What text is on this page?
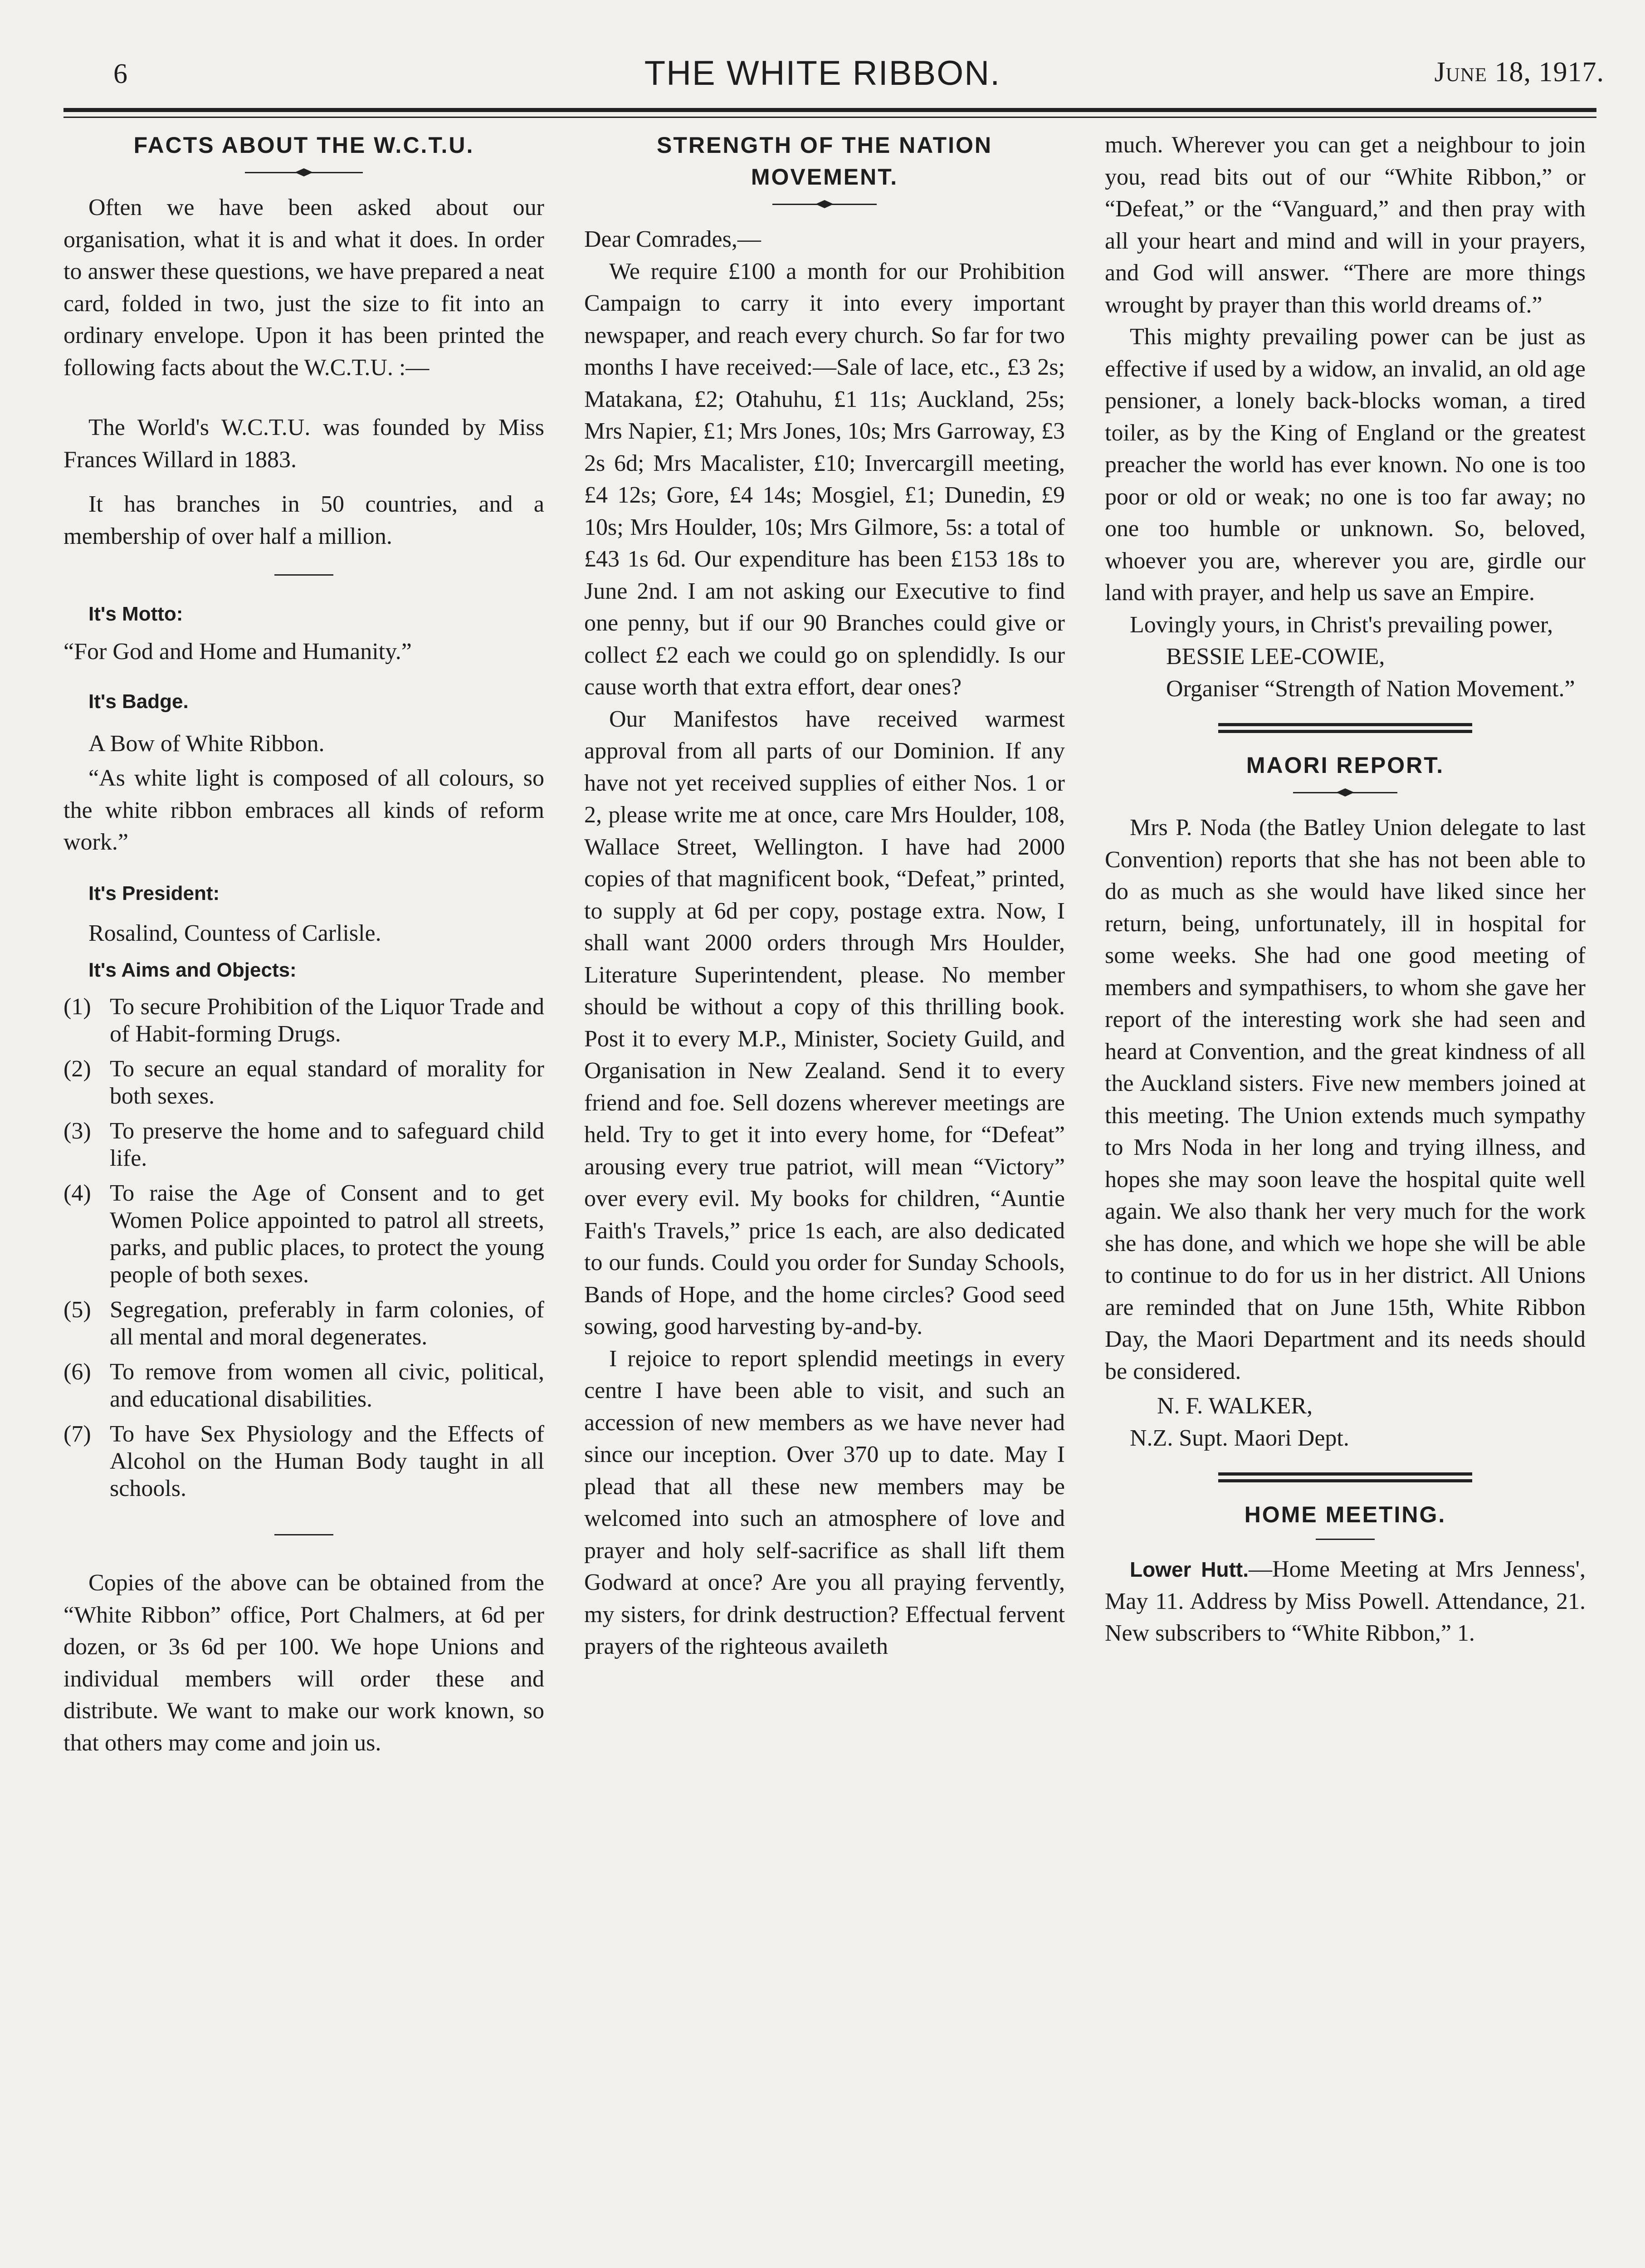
6	THE WHITE RIBBON.	June 18, 1917.
FACTS ABOUT THE W.C.T.U.

Often we have been asked about our organisation, what it is and what it does. In order to answer these questions, we have prepared a neat card, folded in two, just the size to fit into an ordinary envelope. Upon it has been printed the following facts about the W.C.T.U. :—

The World's W.C.T.U. was founded by Miss Frances Willard in 1883.

It has branches in 50 countries, and a membership of over half a million.

It's Motto:

“For God and Home and Humanity.”

It's Badge.

A Bow of White Ribbon.

“As white light is composed of all colours, so the white ribbon embraces all kinds of reform work.”

It's President:

Rosalind, Countess of Carlisle.

It's Aims and Objects:

(1) To secure Prohibition of the Liquor Trade and of Habit-forming Drugs.
(2) To secure an equal standard of morality for both sexes.
(3) To preserve the home and to safeguard child life.
(4) To raise the Age of Consent and to get Women Police appointed to patrol all streets, parks, and public places, to protect the young people of both sexes.
(5) Segregation, preferably in farm colonies, of all mental and moral degenerates.
(6) To remove from women all civic, political, and educational disabilities.
(7) To have Sex Physiology and the Effects of Alcohol on the Human Body taught in all schools.

Copies of the above can be obtained from the “White Ribbon” office, Port Chalmers, at 6d per dozen, or 3s 6d per 100. We hope Unions and individual members will order these and distribute. We want to make our work known, so that others may come and join us.

STRENGTH OF THE NATION MOVEMENT.

Dear Comrades,—

We require £100 a month for our Prohibition Campaign to carry it into every important newspaper, and reach every church. So far for two months I have received:—Sale of lace, etc., £3 2s; Matakana, £2; Otahuhu, £1 11s; Auckland, 25s; Mrs Napier, £1; Mrs Jones, 10s; Mrs Garroway, £3 2s 6d; Mrs Macalister, £10; Invercargill meeting, £4 12s; Gore, £4 14s; Mosgiel, £1; Dunedin, £9 10s; Mrs Houlder, 10s; Mrs Gilmore, 5s: a total of £43 1s 6d. Our expenditure has been £153 18s to June 2nd. I am not asking our Executive to find one penny, but if our 90 Branches could give or collect £2 each we could go on splendidly. Is our cause worth that extra effort, dear ones?

Our Manifestos have received warmest approval from all parts of our Dominion. If any have not yet received supplies of either Nos. 1 or 2, please write me at once, care Mrs Houlder, 108, Wallace Street, Wellington. I have had 2000 copies of that magnificent book, “Defeat,” printed, to supply at 6d per copy, postage extra. Now, I shall want 2000 orders through Mrs Houlder, Literature Superintendent, please. No member should be without a copy of this thrilling book. Post it to every M.P., Minister, Society Guild, and Organisation in New Zealand. Send it to every friend and foe. Sell dozens wherever meetings are held. Try to get it into every home, for “Defeat” arousing every true patriot, will mean “Victory” over every evil. My books for children, “Auntie Faith's Travels,” price 1s each, are also dedicated to our funds. Could you order for Sunday Schools, Bands of Hope, and the home circles? Good seed sowing, good harvesting by-and-by.

I rejoice to report splendid meetings in every centre I have been able to visit, and such an accession of new members as we have never had since our inception. Over 370 up to date. May I plead that all these new members may be welcomed into such an atmosphere of love and prayer and holy self-sacrifice as shall lift them Godward at once? Are you all praying fervently, my sisters, for drink destruction? Effectual fervent prayers of the righteous availeth

much. Wherever you can get a neighbour to join you, read bits out of our “White Ribbon,” or “Defeat,” or the “Vanguard,” and then pray with all your heart and mind and will in your prayers, and God will answer. “There are more things wrought by prayer than this world dreams of.”

This mighty prevailing power can be just as effective if used by a widow, an invalid, an old age pensioner, a lonely back-blocks woman, a tired toiler, as by the King of England or the greatest preacher the world has ever known. No one is too poor or old or weak; no one is too far away; no one too humble or unknown. So, beloved, whoever you are, wherever you are, girdle our land with prayer, and help us save an Empire.

Lovingly yours, in Christ's prevailing power,

BESSIE LEE-COWIE,

Organiser “Strength of Nation Movement.”

MAORI REPORT.

Mrs P. Noda (the Batley Union delegate to last Convention) reports that she has not been able to do as much as she would have liked since her return, being, unfortunately, ill in hospital for some weeks. She had one good meeting of members and sympathisers, to whom she gave her report of the interesting work she had seen and heard at Convention, and the great kindness of all the Auckland sisters. Five new members joined at this meeting. The Union extends much sympathy to Mrs Noda in her long and trying illness, and hopes she may soon leave the hospital quite well again. We also thank her very much for the work she has done, and which we hope she will be able to continue to do for us in her district. All Unions are reminded that on June 15th, White Ribbon Day, the Maori Department and its needs should be considered.

N. F. WALKER,

N.Z. Supt. Maori Dept.

HOME MEETING.

Lower Hutt.—Home Meeting at Mrs Jenness', May 11. Address by Miss Powell. Attendance, 21. New subscribers to “White Ribbon,” 1.
